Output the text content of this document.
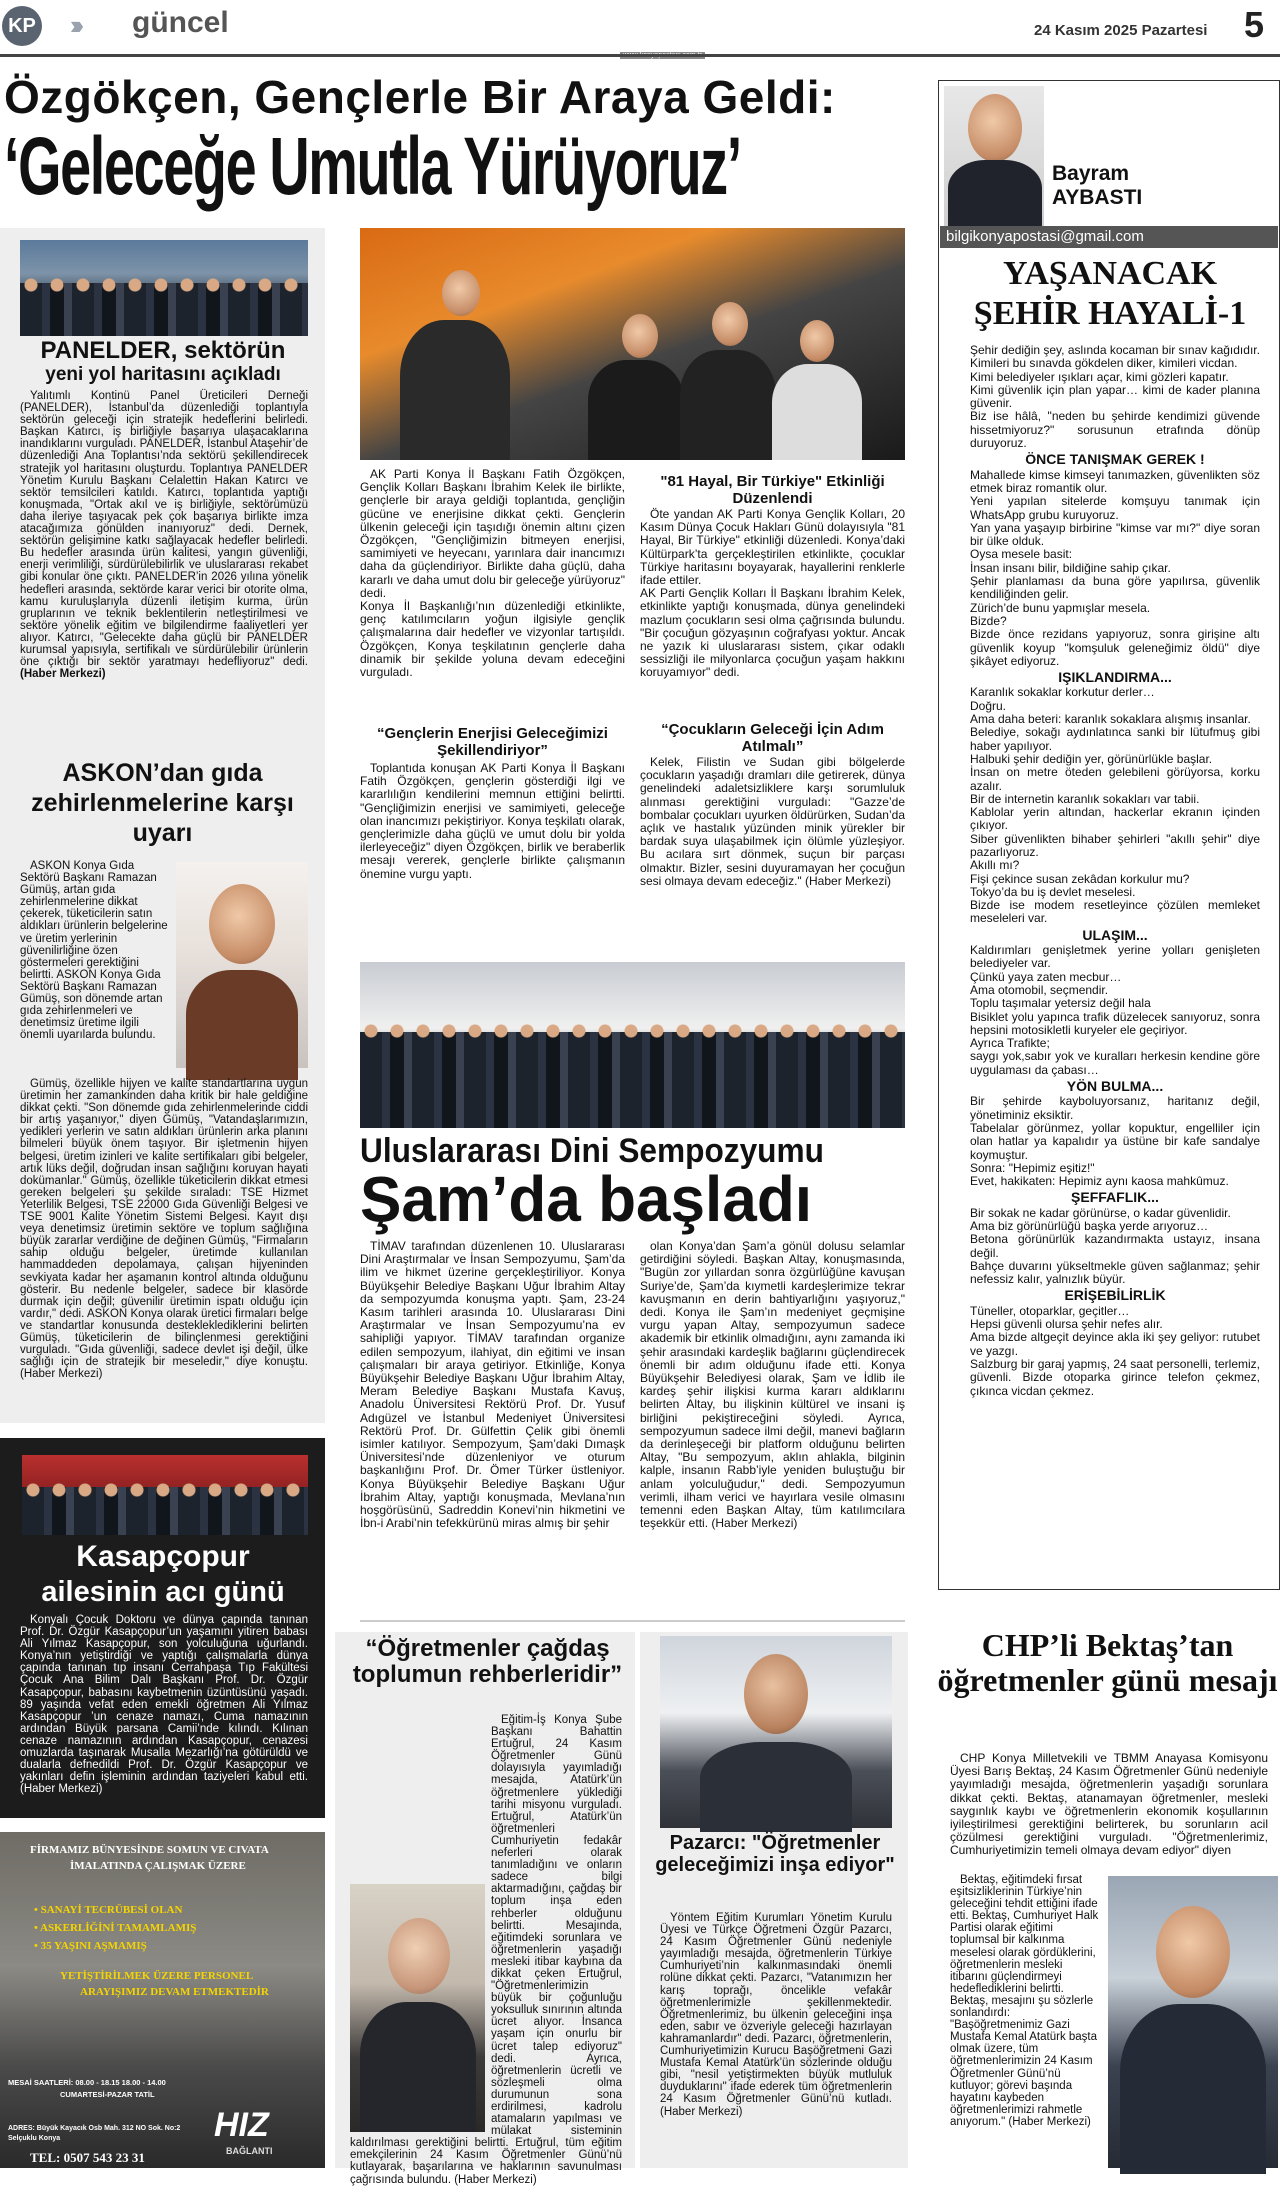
KP ››› güncel	24 Kasım 2025 Pazartesi 5
Özgökçen, Gençlerle Bir Araya Geldi:
‘Geleceğe Umutla Yürüyoruz’
PANELDER, sektörün
yeni yol haritasını açıkladı

Yalıtımlı Kontinü Panel Üreticileri Derneği (PANELDER), İstanbul’da düzenlediği toplantıyla sektörün geleceği için stratejik hedeflerini belirledi. Başkan Katırcı, iş birliğiyle başarıya ulaşacaklarına inandıklarını vurguladı. PANELDER, İstanbul Ataşehir’de düzenlediği Ana Toplantısı’nda sektörü şekillendirecek stratejik yol haritasını oluşturdu. Toplantıya PANELDER Yönetim Kurulu Başkanı Celalettin Hakan Katırcı ve sektör temsilcileri katıldı. Katırcı, toplantıda yaptığı konuşmada, "Ortak akıl ve iş birliğiyle, sektörümüzü daha ileriye taşıyacak pek çok başarıya birlikte imza atacağımıza gönülden inanıyoruz" dedi. Dernek, sektörün gelişimine katkı sağlayacak hedefler belirledi. Bu hedefler arasında ürün kalitesi, yangın güvenliği, enerji verimliliği, sürdürülebilirlik ve uluslararası rekabet gibi konular öne çıktı. PANELDER’in 2026 yılına yönelik hedefleri arasında, sektörde karar verici bir otorite olma, kamu kuruluşlarıyla düzenli iletişim kurma, ürün gruplarının ve teknik beklentilerin netleştirilmesi ve sektöre yönelik eğitim ve bilgilendirme faaliyetleri yer alıyor. Katırcı, "Gelecekte daha güçlü bir PANELDER kurumsal yapısıyla, sertifikalı ve sürdürülebilir ürünlerin öne çıktığı bir sektör yaratmayı hedefliyoruz" dedi. (Haber Merkezi)

ASKON’dan gıda zehirlenmelerine karşı uyarı

ASKON Konya Gıda Sektörü Başkanı Ramazan Gümüş, artan gıda zehirlenmelerine dikkat çekerek, tüketicilerin satın aldıkları ürünlerin belgelerine ve üretim yerlerinin güvenilirliğine özen göstermeleri gerektiğini belirtti. ASKON Konya Gıda Sektörü Başkanı Ramazan Gümüş, son dönemde artan gıda zehirlenmeleri ve denetimsiz üretime ilgili önemli uyarılarda bulundu.

Gümüş, özellikle hijyen ve kalite standartlarına uygun üretimin her zamankinden daha kritik bir hale geldiğine dikkat çekti. "Son dönemde gıda zehirlenmelerinde ciddi bir artış yaşanıyor," diyen Gümüş, "Vatandaşlarımızın, yedikleri yerlerin ve satın aldıkları ürünlerin arka planını bilmeleri büyük önem taşıyor. Bir işletmenin hijyen belgesi, üretim izinleri ve kalite sertifikaları gibi belgeler, artık lüks değil, doğrudan insan sağlığını koruyan hayati dokümanlar." Gümüş, özellikle tüketicilerin dikkat etmesi gereken belgeleri şu şekilde sıraladı: TSE Hizmet Yeterlilik Belgesi, TSE 22000 Gıda Güvenliği Belgesi ve TSE 9001 Kalite Yönetim Sistemi Belgesi. Kayıt dışı veya denetimsiz üretimin sektöre ve toplum sağlığına büyük zararlar verdiğine de değinen Gümüş, "Firmaların sahip olduğu belgeler, üretimde kullanılan hammaddeden depolamaya, çalışan hijyeninden sevkiyata kadar her aşamanın kontrol altında olduğunu gösterir. Bu nedenle belgeler, sadece bir klasörde durmak için değil; güvenilir üretimin ispatı olduğu için vardır," dedi. ASKON Konya olarak üretici firmaları belge ve standartlar konusunda destekleklediklerini belirten Gümüş, tüketicilerin de bilinçlenmesi gerektiğini vurguladı. "Gıda güvenliği, sadece devlet işi değil, ülke sağlığı için de stratejik bir meseledir," diye konuştu. (Haber Merkezi)

Kasapçopur
ailesinin acı günü

Konyalı Çocuk Doktoru ve dünya çapında tanınan Prof. Dr. Özgür Kasapçopur’un yaşamını yitiren babası Ali Yılmaz Kasapçopur, son yolculuğuna uğurlandı. Konya’nın yetiştirdiği ve yaptığı çalışmalarla dünya çapında tanınan tıp insanı Cerrahpaşa Tıp Fakültesi Çocuk Ana Bilim Dalı Başkanı Prof. Dr. Özgür Kasapçopur, babasını kaybetmenin üzüntüsünü yaşadı. 89 yaşında vefat eden emekli öğretmen Ali Yılmaz Kasapçopur ’un cenaze namazı, Cuma namazının ardından Büyük parsana Camii’nde kılındı. Kılınan cenaze namazının ardından Kasapçopur, cenazesi omuzlarda taşınarak Musalla Mezarlığı’na götürüldü ve dualarla defnedildi Prof. Dr. Özgür Kasapçopur ve yakınları defin işleminin ardından taziyeleri kabul etti. (Haber Merkezi)

FİRMAMIZ BÜNYESİNDE SOMUN VE CIVATA
İMALATINDA ÇALIŞMAK ÜZERE
• SANAYİ TECRÜBESİ OLAN
• ASKERLİĞİNİ TAMAMLAMIŞ
• 35 YAŞINI AŞMAMIŞ
YETİŞTİRİLMEK ÜZERE PERSONEL
ARAYIŞIMIZ DEVAM ETMEKTEDİR
MESAİ SAATLERİ: 08.00 - 18.15 18.00 - 14.00
CUMARTESİ-PAZAR TATİL
ADRES: Büyük Kayacık Osb Mah. 312 NO Sok. No:2 Selçuklu Konya
TEL: 0507 543 23 31
HIZ
BAĞLANTI

AK Parti Konya İl Başkanı Fatih Özgökçen, Gençlik Kolları Başkanı İbrahim Kelek ile birlikte, gençlerle bir araya geldiği toplantıda, gençliğin gücüne ve enerjisine dikkat çekti. Gençlerin ülkenin geleceği için taşıdığı önemin altını çizen Özgökçen, "Gençliğimizin bitmeyen enerjisi, samimiyeti ve heyecanı, yarınlara dair inancımızı daha da güçlendiriyor. Birlikte daha güçlü, daha kararlı ve daha umut dolu bir geleceğe yürüyoruz" dedi.
Konya İl Başkanlığı’nın düzenlediği etkinlikte, genç katılımcıların yoğun ilgisiyle gençlik çalışmalarına dair hedefler ve vizyonlar tartışıldı. Özgökçen, Konya teşkilatının gençlerle daha dinamik bir şekilde yoluna devam edeceğini vurguladı.

“Gençlerin Enerjisi Geleceğimizi Şekillendiriyor”

Toplantıda konuşan AK Parti Konya İl Başkanı Fatih Özgökçen, gençlerin gösterdiği ilgi ve kararlılığın kendilerini memnun ettiğini belirtti. "Gençliğimizin enerjisi ve samimiyeti, geleceğe olan inancımızı pekiştiriyor. Konya teşkilatı olarak, gençlerimizle daha güçlü ve umut dolu bir yolda ilerleyeceğiz" diyen Özgökçen, birlik ve beraberlik mesajı vererek, gençlerle birlikte çalışmanın önemine vurgu yaptı.

"81 Hayal, Bir Türkiye" Etkinliği Düzenlendi

Öte yandan AK Parti Konya Gençlik Kolları, 20 Kasım Dünya Çocuk Hakları Günü dolayısıyla "81 Hayal, Bir Türkiye" etkinliği düzenledi. Konya’daki Kültürpark’ta gerçekleştirilen etkinlikte, çocuklar Türkiye haritasını boyayarak, hayallerini renklerle ifade ettiler.
AK Parti Gençlik Kolları İl Başkanı İbrahim Kelek, etkinlikte yaptığı konuşmada, dünya genelindeki mazlum çocukların sesi olma çağrısında bulundu. "Bir çocuğun gözyaşının coğrafyası yoktur. Ancak ne yazık ki uluslararası sistem, çıkar odaklı sessizliği ile milyonlarca çocuğun yaşam hakkını koruyamıyor" dedi.

“Çocukların Geleceği İçin Adım Atılmalı”

Kelek, Filistin ve Sudan gibi bölgelerde çocukların yaşadığı dramları dile getirerek, dünya genelindeki adaletsizliklere karşı sorumluluk alınması gerektiğini vurguladı: "Gazze’de bombalar çocukları uyurken öldürürken, Sudan’da açlık ve hastalık yüzünden minik yürekler bir bardak suya ulaşabilmek için ölümle yüzleşiyor. Bu acılara sırt dönmek, suçun bir parçası olmaktır. Bizler, sesini duyuramayan her çocuğun sesi olmaya devam edeceğiz." (Haber Merkezi)

Uluslararası Dini Sempozyumu
Şam’da başladı

TİMAV tarafından düzenlenen 10. Uluslararası Dini Araştırmalar ve İnsan Sempozyumu, Şam’da ilim ve hikmet üzerine gerçekleştiriliyor. Konya Büyükşehir Belediye Başkanı Uğur İbrahim Altay da sempozyumda konuşma yaptı. Şam, 23-24 Kasım tarihleri arasında 10. Uluslararası Dini Araştırmalar ve İnsan Sempozyumu’na ev sahipliği yapıyor. TİMAV tarafından organize edilen sempozyum, ilahiyat, din eğitimi ve insan çalışmaları bir araya getiriyor. Etkinliğe, Konya Büyükşehir Belediye Başkanı Uğur İbrahim Altay, Meram Belediye Başkanı Mustafa Kavuş, Anadolu Üniversitesi Rektörü Prof. Dr. Yusuf Adıgüzel ve İstanbul Medeniyet Üniversitesi Rektörü Prof. Dr. Gülfettin Çelik gibi önemli isimler katılıyor. Sempozyum, Şam’daki Dımaşk Üniversitesi’nde düzenleniyor ve oturum başkanlığını Prof. Dr. Ömer Türker üstleniyor. Konya Büyükşehir Belediye Başkanı Uğur İbrahim Altay, yaptığı konuşmada, Mevlana’nın hoşgörüsünü, Sadreddin Konevi’nin hikmetini ve İbn-i Arabi’nin tefekkürünü miras almış bir şehir

olan Konya’dan Şam’a gönül dolusu selamlar getirdiğini söyledi. Başkan Altay, konuşmasında, "Bugün zor yıllardan sonra özgürlüğüne kavuşan Suriye’de, Şam’da kıymetli kardeşlerimize tekrar kavuşmanın en derin bahtiyarlığını yaşıyoruz," dedi. Konya ile Şam’ın medeniyet geçmişine vurgu yapan Altay, sempozyumun sadece akademik bir etkinlik olmadığını, aynı zamanda iki şehir arasındaki kardeşlik bağlarını güçlendirecek önemli bir adım olduğunu ifade etti. Konya Büyükşehir Belediyesi olarak, Şam ve İdlib ile kardeş şehir ilişkisi kurma kararı aldıklarını belirten Altay, bu ilişkinin kültürel ve insani iş birliğini pekiştireceğini söyledi. Ayrıca, sempozyumun sadece ilmi değil, manevi bağların da derinleşeceği bir platform olduğunu belirten Altay, "Bu sempozyum, aklın ahlakla, bilginin kalple, insanın Rabb’iyle yeniden buluştuğu bir anlam yolculuğudur," dedi. Sempozyumun verimli, ilham verici ve hayırlara vesile olmasını temenni eden Başkan Altay, tüm katılımcılara teşekkür etti. (Haber Merkezi)

“Öğretmenler çağdaş toplumun rehberleridir”

Eğitim-İş Konya Şube Başkanı Bahattin Ertuğrul, 24 Kasım Öğretmenler Günü dolayısıyla yayımladığı mesajda, Atatürk’ün öğretmenlere yüklediği tarihi misyonu vurguladı. Ertuğrul, Atatürk’ün öğretmenleri Cumhuriyetin fedakâr neferleri olarak tanımladığını ve onların sadece bilgi aktarmadığını, çağdaş bir toplum inşa eden rehberler olduğunu belirtti. Mesajında, eğitimdeki sorunlara ve öğretmenlerin yaşadığı mesleki itibar kaybına da dikkat çeken Ertuğrul, "Öğretmenlerimizin büyük bir çoğunluğu yoksulluk sınırının altında ücret alıyor. İnsanca yaşam için onurlu bir ücret talep ediyoruz" dedi. Ayrıca, öğretmenlerin ücretli ve sözleşmeli olma durumunun sona erdirilmesi, kadrolu atamaların yapılması ve mülakat sisteminin kaldırılması gerektiğini belirtti. Ertuğrul, tüm eğitim emekçilerinin 24 Kasım Öğretmenler Günü’nü kutlayarak, başarılarına ve haklarının savunulması çağrısında bulundu. (Haber Merkezi)

Pazarcı: "Öğretmenler geleceğimizi inşa ediyor"

Yöntem Eğitim Kurumları Yönetim Kurulu Üyesi ve Türkçe Öğretmeni Özgür Pazarcı, 24 Kasım Öğretmenler Günü nedeniyle yayımladığı mesajda, öğretmenlerin Türkiye Cumhuriyeti’nin kalkınmasındaki önemli rolüne dikkat çekti. Pazarcı, "Vatanımızın her karış toprağı, öncelikle vefakâr öğretmenlerimizle şekillenmektedir. Öğretmenlerimiz, bu ülkenin geleceğini inşa eden, sabır ve özveriyle geleceği hazırlayan kahramanlardır" dedi. Pazarcı, öğretmenlerin, Cumhuriyetimizin Kurucu Başöğretmeni Gazi Mustafa Kemal Atatürk’ün sözlerinde olduğu gibi, "nesil yetiştirmekten büyük mutluluk duyduklarını" ifade ederek tüm öğretmenlerin 24 Kasım Öğretmenler Günü’nü kutladı. (Haber Merkezi)

Bayram
AYBASTI
bilgikonyapostasi@gmail.com
YAŞANACAK ŞEHİR HAYALİ-1

Şehir dediğin şey, aslında kocaman bir sınav kağıdıdır.
Kimileri bu sınavda gökdelen diker, kimileri vicdan.
Kimi belediyeler ışıkları açar, kimi gözleri kapatır.
Kimi güvenlik için plan yapar… kimi de kader planına güvenir.
Biz ise hâlâ, "neden bu şehirde kendimizi güvende hissetmiyoruz?" sorusunun etrafında dönüp duruyoruz.

ÖNCE TANIŞMAK GEREK !

Mahallede kimse kimseyi tanımazken, güvenlikten söz etmek biraz romantik olur.
Yeni yapılan sitelerde komşuyu tanımak için WhatsApp grubu kuruyoruz.
Yan yana yaşayıp birbirine "kimse var mı?" diye soran bir ülke olduk.
Oysa mesele basit:
İnsan insanı bilir, bildiğine sahip çıkar.
Şehir planlaması da buna göre yapılırsa, güvenlik kendiliğinden gelir.
Zürich’de bunu yapmışlar mesela.
Bizde?
Bizde önce rezidans yapıyoruz, sonra girişine altı güvenlik koyup "komşuluk geleneğimiz öldü" diye şikâyet ediyoruz.

IŞIKLANDIRMA...

Karanlık sokaklar korkutur derler…
Doğru.
Ama daha beteri: karanlık sokaklara alışmış insanlar.
Belediye, sokağı aydınlatınca sanki bir lütufmuş gibi haber yapılıyor.
Halbuki şehir dediğin yer, görünürlükle başlar.
İnsan on metre öteden gelebileni görüyorsa, korku azalır.
Bir de internetin karanlık sokakları var tabii.
Kablolar yerin altından, hackerlar ekranın içinden çıkıyor.
Siber güvenlikten bihaber şehirleri "akıllı şehir" diye pazarlıyoruz.
Akıllı mı?
Fişi çekince susan zekâdan korkulur mu?
Tokyo’da bu iş devlet meselesi.
Bizde ise modem resetleyince çözülen memleket meseleleri var.

ULAŞIM...

Kaldırımları genişletmek yerine yolları genişleten belediyeler var.
Çünkü yaya zaten mecbur…
Ama otomobil, seçmendir.
Toplu taşımalar yetersiz değil hala
Bisiklet yolu yapınca trafik düzelecek sanıyoruz, sonra hepsini motosikletli kuryeler ele geçiriyor.
Ayrıca Trafikte;
saygı yok,sabır yok ve kuralları herkesin kendine göre uygulaması da çabası…

YÖN BULMA...

Bir şehirde kayboluyorsanız, haritanız değil, yönetiminiz eksiktir.
Tabelalar görünmez, yollar kopuktur, engelliler için olan hatlar ya kapalıdır ya üstüne bir kafe sandalye koymuştur.
Sonra: "Hepimiz eşitiz!"
Evet, hakikaten: Hepimiz aynı kaosa mahkûmuz.

ŞEFFAFLIK...

Bir sokak ne kadar görünürse, o kadar güvenlidir.
Ama biz görünürlüğü başka yerde arıyoruz…
Betona görünürlük kazandırmakta ustayız, insana değil.
Bahçe duvarını yükseltmekle güven sağlanmaz; şehir nefessiz kalır, yalnızlık büyür.

ERİŞEBİLİRLİK

Tüneller, otoparklar, geçitler…
Hepsi güvenli olursa şehir nefes alır.
Ama bizde altgeçit deyince akla iki şey geliyor: rutubet ve yazgı.
Salzburg bir garaj yapmış, 24 saat personelli, terlemiz, güvenli. Bizde otoparka girince telefon çekmez, çıkınca vicdan çekmez.

CHP’li Bektaş’tan öğretmenler günü mesajı

CHP Konya Milletvekili ve TBMM Anayasa Komisyonu Üyesi Barış Bektaş, 24 Kasım Öğretmenler Günü nedeniyle yayımladığı mesajda, öğretmenlerin yaşadığı sorunlara dikkat çekti. Bektaş, atanamayan öğretmenler, mesleki saygınlık kaybı ve öğretmenlerin ekonomik koşullarının iyileştirilmesi gerektiğini belirterek, bu sorunların acil çözülmesi gerektiğini vurguladı. "Öğretmenlerimiz, Cumhuriyetimizin temeli olmaya devam ediyor" diyen

Bektaş, eğitimdeki fırsat eşitsizliklerinin Türkiye’nin geleceğini tehdit ettiğini ifade etti. Bektaş, Cumhuriyet Halk Partisi olarak eğitimi toplumsal bir kalkınma meselesi olarak gördüklerini, öğretmenlerin mesleki itibarını güçlendirmeyi hedeflediklerini belirtti. Bektaş, mesajını şu sözlerle sonlandırdı: "Başöğretmenimiz Gazi Mustafa Kemal Atatürk başta olmak üzere, tüm öğretmenlerimizin 24 Kasım Öğretmenler Günü’nü kutluyor; görevi başında hayatını kaybeden öğretmenlerimizi rahmetle anıyorum." (Haber Merkezi)
